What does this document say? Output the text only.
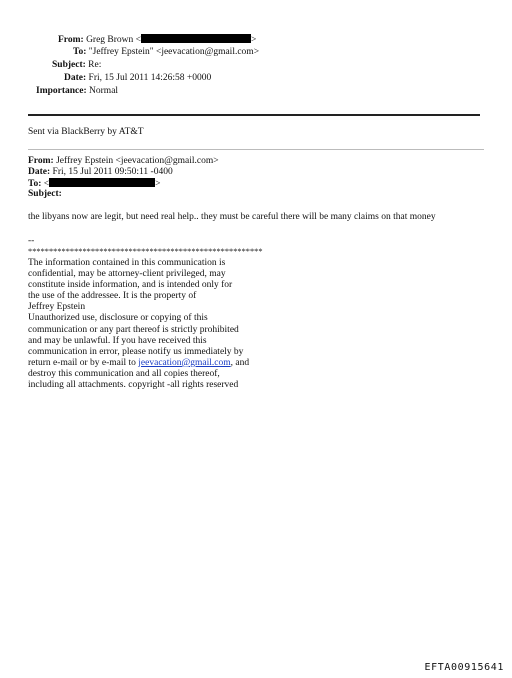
From: Greg Brown <	>
To: "Jeffrey Epstein" <jeevacation@gmail.com>
Subject: Re:
Date: Fri, 15 Jul 2011 14:26:58 +0000
Importance: Normal
Sent via BlackBerry by AT&T
From: Jeffrey Epstein <jeevacation@gmail.com>
Date: Fri, 15 Jul 2011 09:50:11 -0400
To: <	>
Subject:
the libyans now are legit, but need real help.. they must be careful there will be many claims on that money
--
********************************************************
The information contained in this communication is
confidential, may be attorney-client privileged, may
constitute inside information, and is intended only for
the use of the addressee. It is the property of
Jeffrey Epstein
Unauthorized use, disclosure or copying of this
communication or any part thereof is strictly prohibited
and may be unlawful. If you have received this
communication in error, please notify us immediately by
return e-mail or by e-mail to jeevacation@gmail.com, and
destroy this communication and all copies thereof,
including all attachments. copyright -all rights reserved
EFTA00915641
